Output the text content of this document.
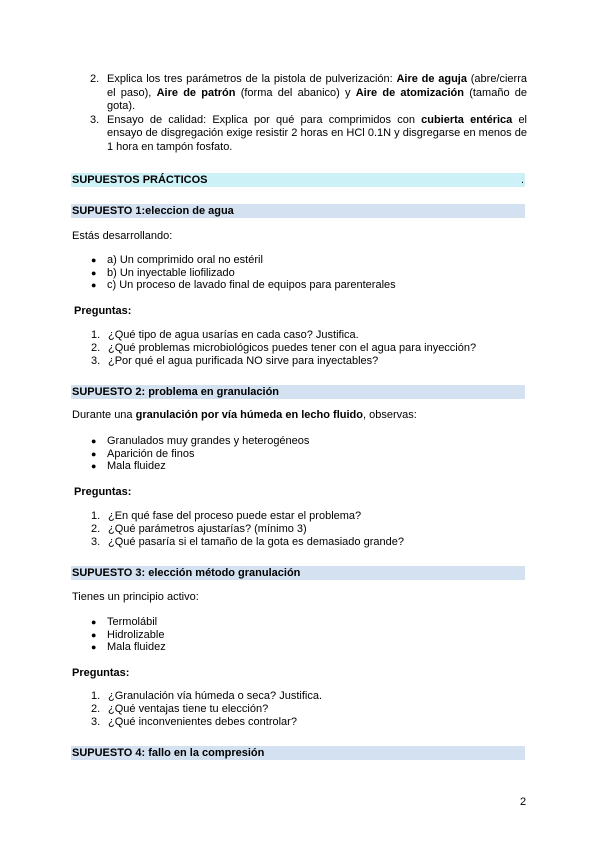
2. Explica los tres parámetros de la pistola de pulverización: Aire de aguja (abre/cierra el paso), Aire de patrón (forma del abanico) y Aire de atomización (tamaño de gota).
3. Ensayo de calidad: Explica por qué para comprimidos con cubierta entérica el ensayo de disgregación exige resistir 2 horas en HCl 0.1N y disgregarse en menos de 1 hora en tampón fosfato.
SUPUESTOS PRÁCTICOS	.
SUPUESTO 1:eleccion de agua
Estás desarrollando:
● a) Un comprimido oral no estéril
● b) Un inyectable liofilizado
● c) Un proceso de lavado final de equipos para parenterales
Preguntas:
1. ¿Qué tipo de agua usarías en cada caso? Justifica.
2. ¿Qué problemas microbiológicos puedes tener con el agua para inyección?
3. ¿Por qué el agua purificada NO sirve para inyectables?
SUPUESTO 2: problema en granulación
Durante una granulación por vía húmeda en lecho fluido, observas:
● Granulados muy grandes y heterogéneos
● Aparición de finos
● Mala fluidez
Preguntas:
1. ¿En qué fase del proceso puede estar el problema?
2. ¿Qué parámetros ajustarías? (mínimo 3)
3. ¿Qué pasaría si el tamaño de la gota es demasiado grande?
SUPUESTO 3: elección método granulación
Tienes un principio activo:
● Termolábil
● Hidrolizable
● Mala fluidez
Preguntas:
1. ¿Granulación vía húmeda o seca? Justifica.
2. ¿Qué ventajas tiene tu elección?
3. ¿Qué inconvenientes debes controlar?
SUPUESTO 4: fallo en la compresión
2
